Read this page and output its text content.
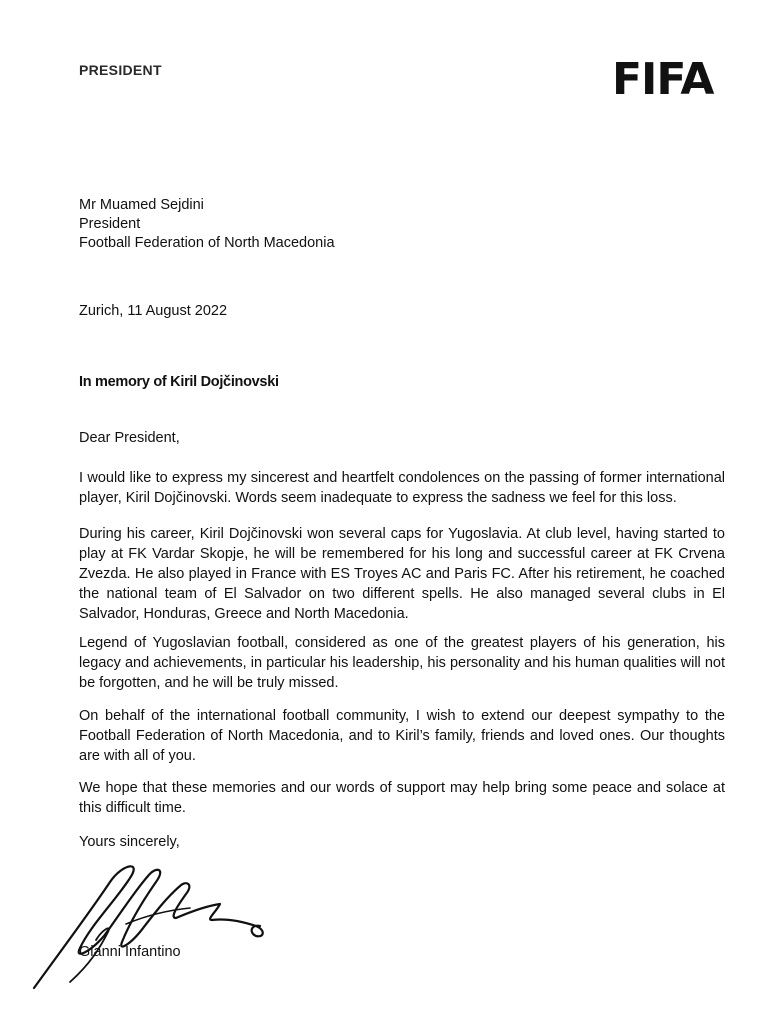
PRESIDENT	FIFA
Mr Muamed Sejdini
President
Football Federation of North Macedonia
Zurich, 11 August 2022
In memory of Kiril Dojčinovski
Dear President,

I would like to express my sincerest and heartfelt condolences on the passing of former international player, Kiril Dojčinovski. Words seem inadequate to express the sadness we feel for this loss.

During his career, Kiril Dojčinovski won several caps for Yugoslavia. At club level, having started to play at FK Vardar Skopje, he will be remembered for his long and successful career at FK Crvena Zvezda. He also played in France with ES Troyes AC and Paris FC. After his retirement, he coached the national team of El Salvador on two different spells. He also managed several clubs in El Salvador, Honduras, Greece and North Macedonia.

Legend of Yugoslavian football, considered as one of the greatest players of his generation, his legacy and achievements, in particular his leadership, his personality and his human qualities will not be forgotten, and he will be truly missed.

On behalf of the international football community, I wish to extend our deepest sympathy to the Football Federation of North Macedonia, and to Kiril’s family, friends and loved ones. Our thoughts are with all of you.

We hope that these memories and our words of support may help bring some peace and solace at this difficult time.

Yours sincerely,
Gianni Infantino
